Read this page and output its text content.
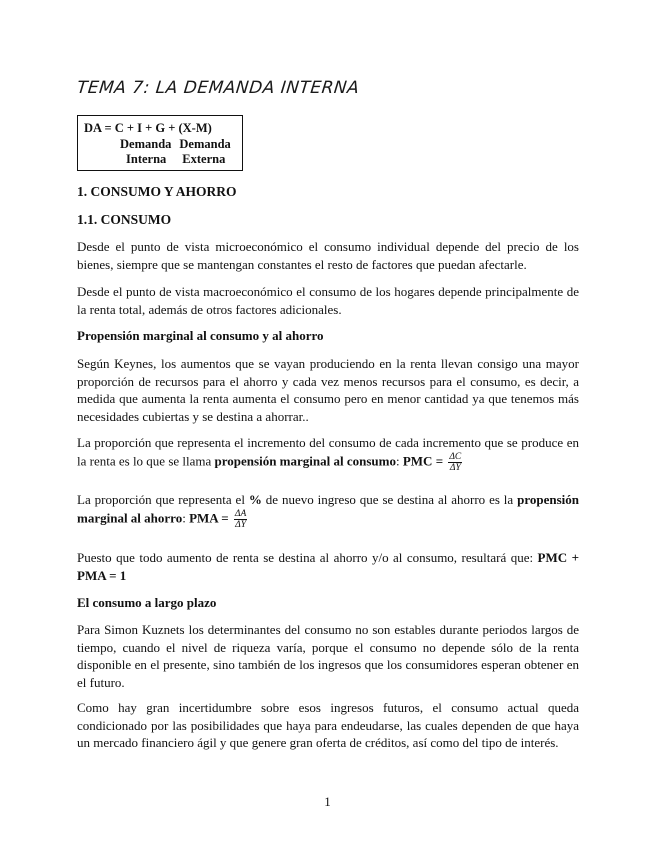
TEMA 7: LA DEMANDA INTERNA
DA = C + I + G + (X-M)
Demanda Demanda
Interna Externa
1. CONSUMO Y AHORRO
1.1. CONSUMO
Desde el punto de vista microeconómico el consumo individual depende del precio de los bienes, siempre que se mantengan constantes el resto de factores que puedan afectarle.
Desde el punto de vista macroeconómico el consumo de los hogares depende principalmente de la renta total, además de otros factores adicionales.
Propensión marginal al consumo y al ahorro
Según Keynes, los aumentos que se vayan produciendo en la renta llevan consigo una mayor proporción de recursos para el ahorro y cada vez menos recursos para el consumo, es decir, a medida que aumenta la renta aumenta el consumo pero en menor cantidad ya que tenemos más necesidades cubiertas y se destina a ahorrar..
La proporción que representa el incremento del consumo de cada incremento que se produce en la renta es lo que se llama propensión marginal al consumo: PMC = $\frac{\Delta C}{\Delta Y}$
La proporción que representa el % de nuevo ingreso que se destina al ahorro es la propensión marginal al ahorro: PMA = $\frac{\Delta A}{\Delta Y}$
Puesto que todo aumento de renta se destina al ahorro y/o al consumo, resultará que: PMC + PMA = 1
El consumo a largo plazo
Para Simon Kuznets los determinantes del consumo no son estables durante periodos largos de tiempo, cuando el nivel de riqueza varía, porque el consumo no depende sólo de la renta disponible en el presente, sino también de los ingresos que los consumidores esperan obtener en el futuro.
Como hay gran incertidumbre sobre esos ingresos futuros, el consumo actual queda condicionado por las posibilidades que haya para endeudarse, las cuales dependen de que haya un mercado financiero ágil y que genere gran oferta de créditos, así como del tipo de interés.
1
